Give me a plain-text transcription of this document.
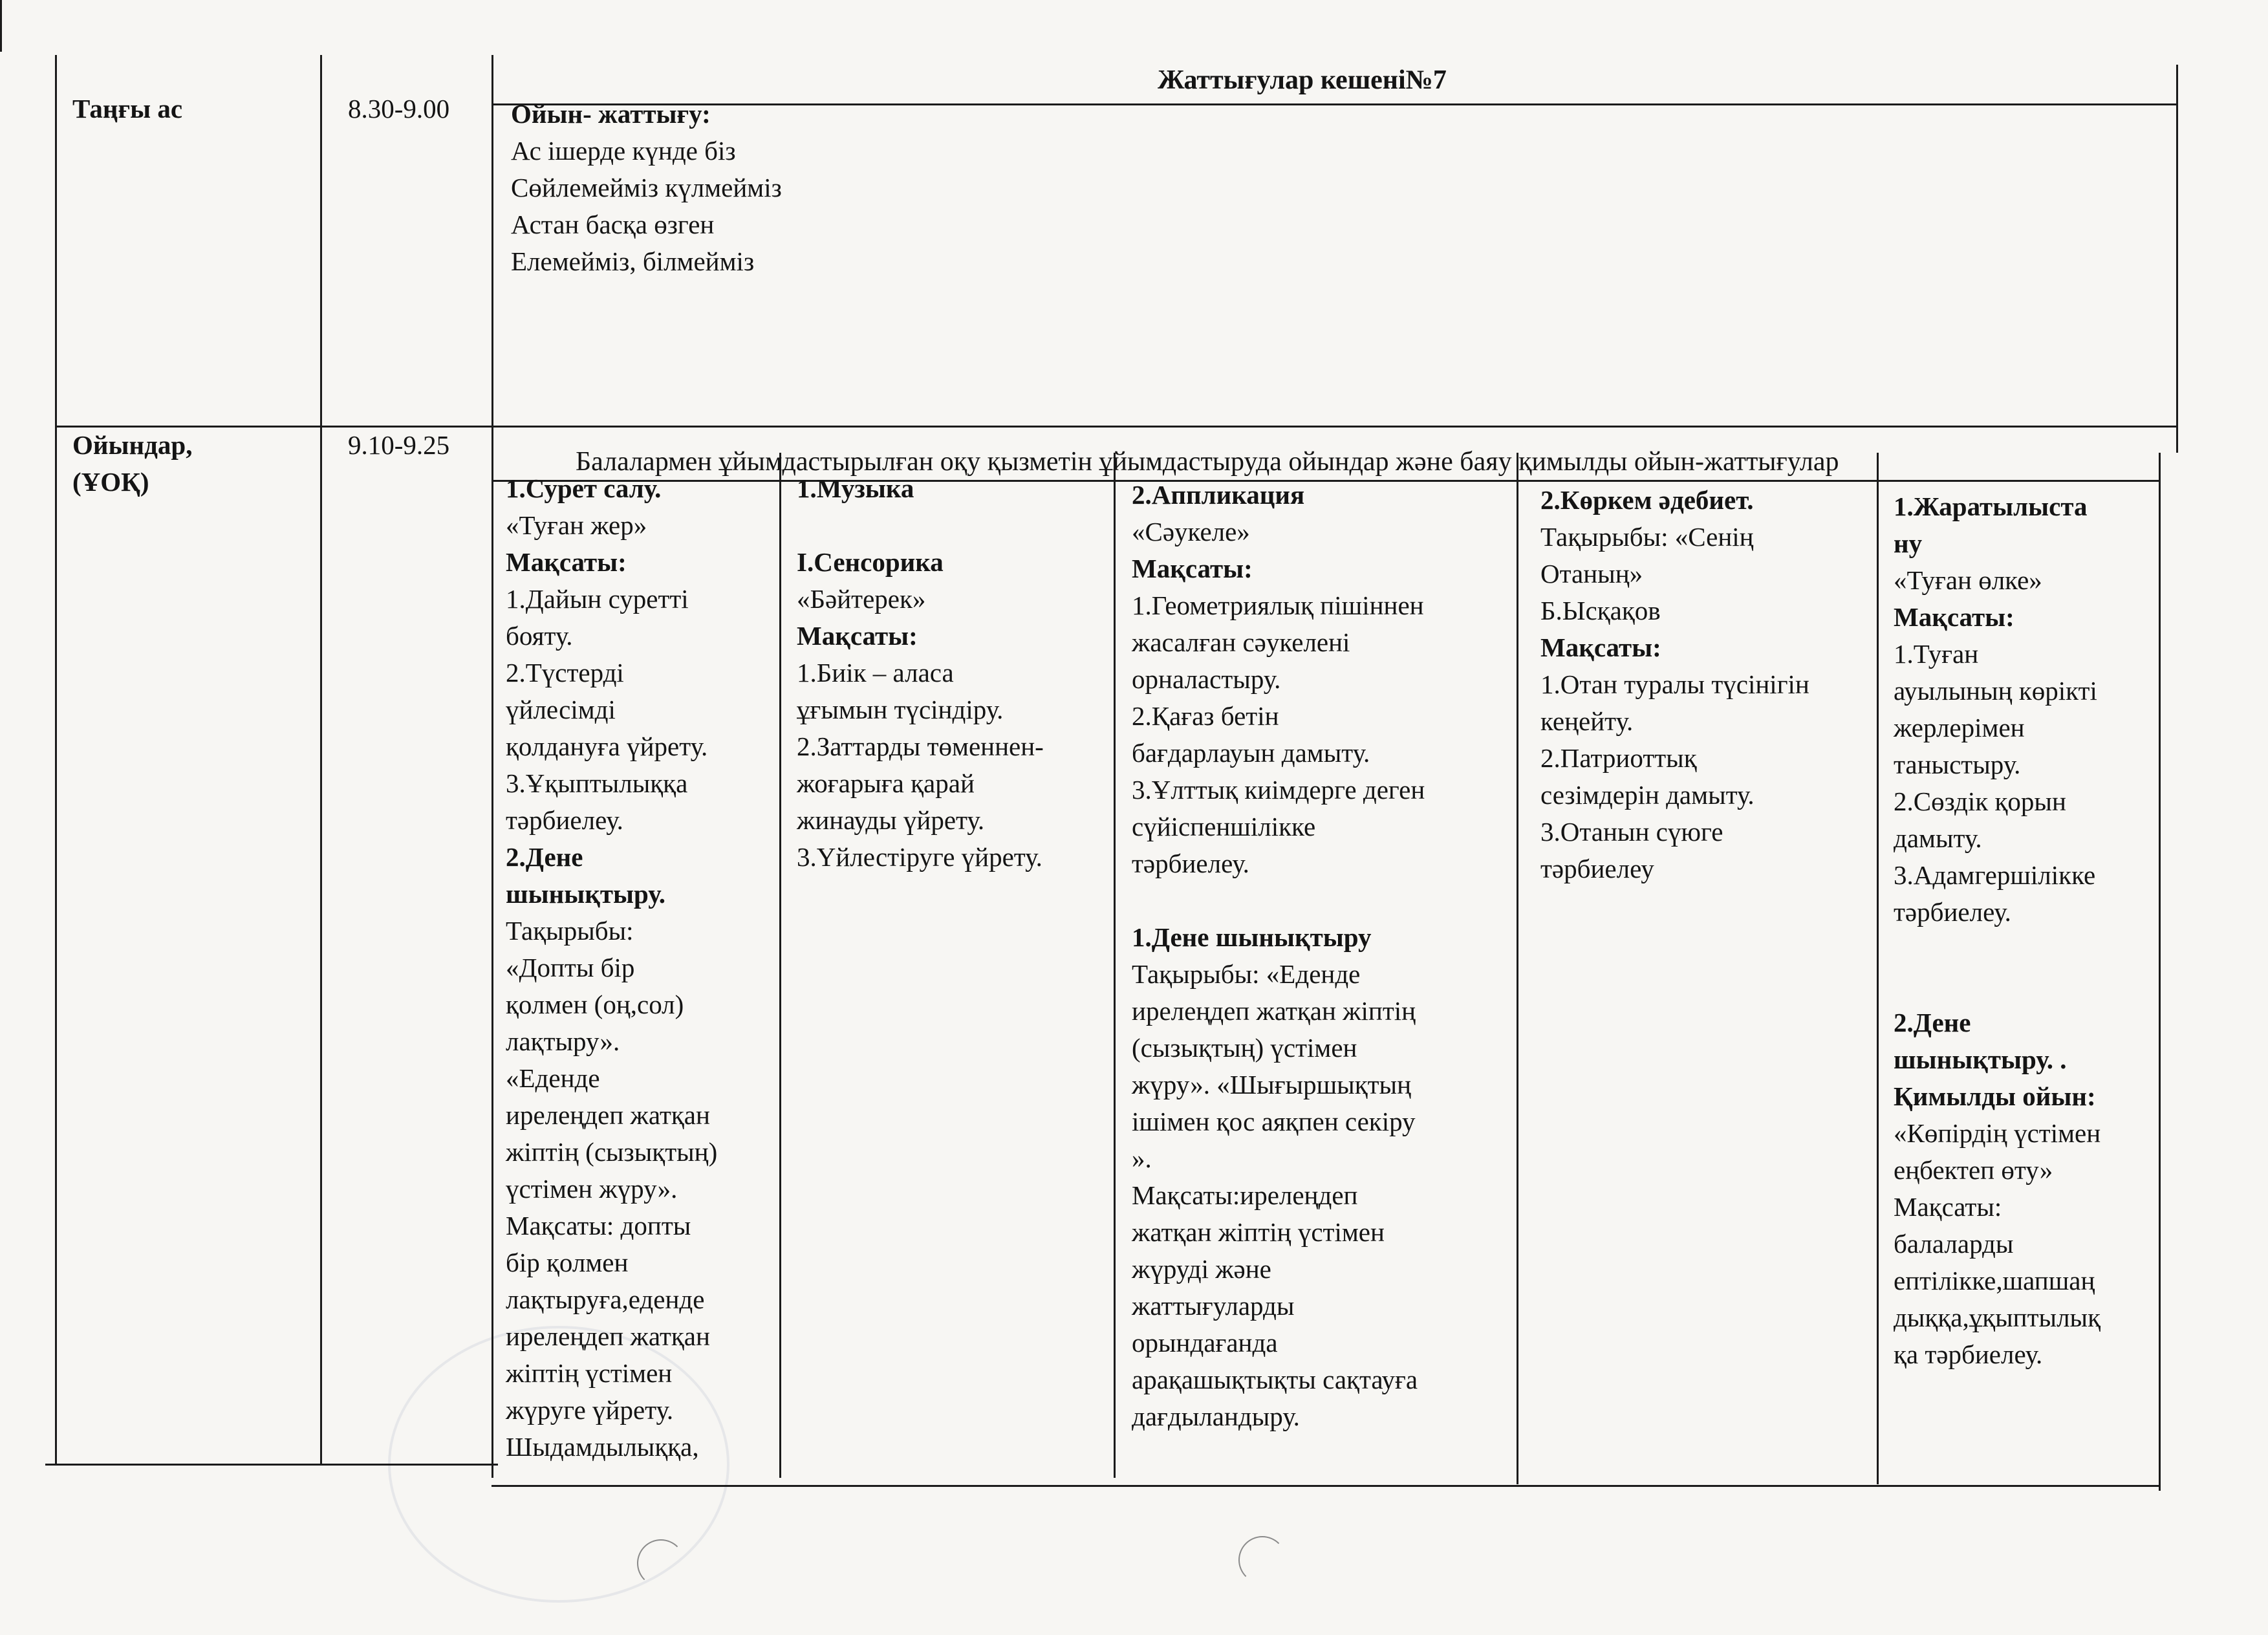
Жаттығулар кешені№7
Таңғы ас	8.30-9.00 Ойын- жаттығу:
Ас ішерде күнде біз
Сөйлемейміз күлмейміз
Астан басқа өзген
Елемейміз, білмейміз
Ойындар,
(ҰОҚ)
9.10-9.25
Балалармен ұйымдастырылған оқу қызметін ұйымдастыруда ойындар және баяу қимылды ойын-жаттығулар
1.Сурет салу.
«Туған жер»
Мақсаты:
1.Дайын суретті
бояту.
2.Түстерді
үйлесімді
қолдануға үйрету.
3.Ұқыптылыққа
тәрбиелеу.
2.Дене
шынықтыру.
Тақырыбы:
«Допты бір
қолмен (оң,сол)
лақтыру».
«Еденде
ирелеңдеп жатқан
жіптің (сызықтың)
үстімен жүру».
Мақсаты: допты
бір қолмен
лақтыруға,еденде
ирелеңдеп жатқан
жіптің үстімен
жүруге үйрету.
Шыдамдылыққа,
1.Музыка
І.Сенсорика
«Бәйтерек»
Мақсаты:
1.Биік – аласа
ұғымын түсіндіру.
2.Заттарды төменнен-
жоғарыға қарай
жинауды үйрету.
3.Үйлестіруге үйрету.
2.Аппликация
«Сәукеле»
Мақсаты:
1.Геометриялық пішіннен
жасалған сәукелені
орналастыру.
2.Қағаз бетін
бағдарлауын дамыту.
3.Ұлттық киімдерге деген
сүйіспеншілікке
тәрбиелеу.
1.Дене шынықтыру
Тақырыбы: «Еденде
ирелеңдеп жатқан жіптің
(сызықтың) үстімен
жүру». «Шығыршықтың
ішімен қос аяқпен секіру
».
Мақсаты:ирелеңдеп
жатқан жіптің үстімен
жүруді және
жаттығуларды
орындағанда
арақашықтықты сақтауға
дағдыландыру.
2.Көркем әдебиет.
Тақырыбы: «Сенің
Отаның»
Б.Ысқақов
Мақсаты:
1.Отан туралы түсінігін
кеңейту.
2.Патриоттық
сезімдерін дамыту.
3.Отанын сүюге
тәрбиелеу
1.Жаратылыста
ну
«Туған өлке»
Мақсаты:
1.Туған
ауылының көрікті
жерлерімен
таныстыру.
2.Сөздік қорын
дамыту.
3.Адамгершілікке
тәрбиелеу.
2.Дене
шынықтыру. .
Қимылды ойын:
«Көпірдің үстімен
еңбектеп өту»
Мақсаты:
балаларды
ептілікке,шапшаң
дыққа,ұқыптылық
қа тәрбиелеу.
